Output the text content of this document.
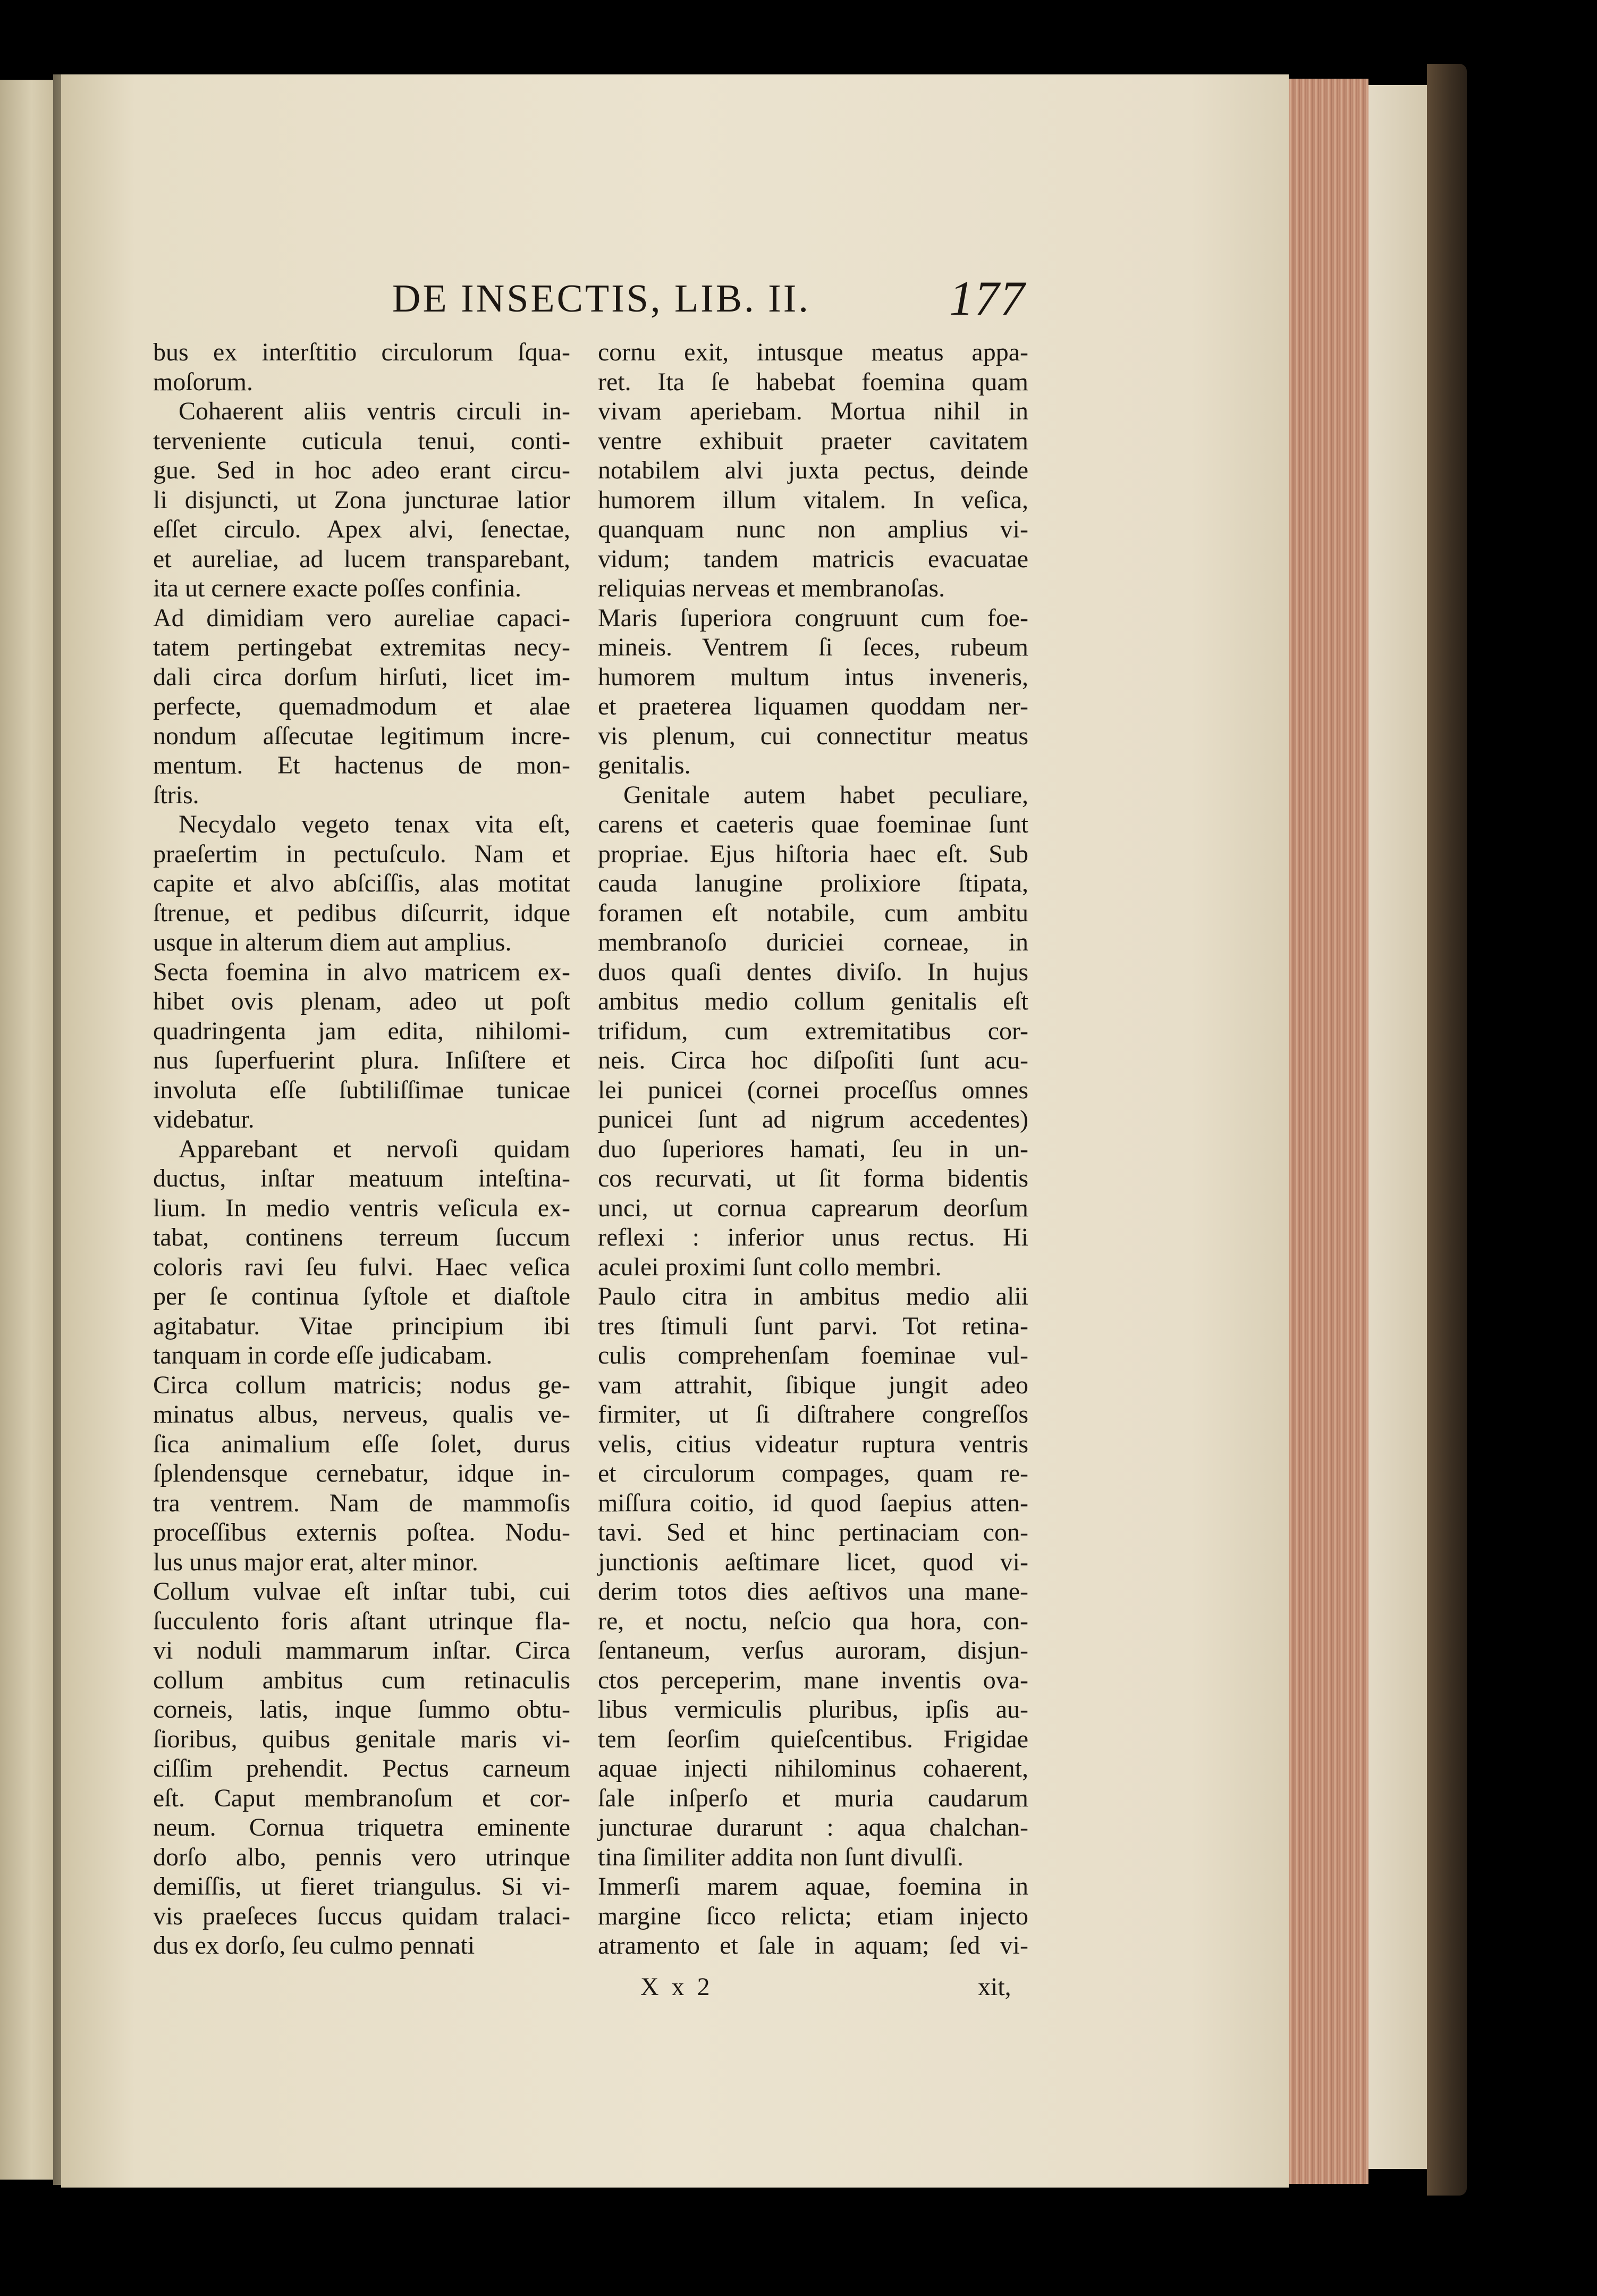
DE INSECTIS, LIB. II.	177
bus ex interſtitio circulorum ſqua-
moſorum.
Cohaerent aliis ventris circuli in-
terveniente cuticula tenui, conti-
gue. Sed in hoc adeo erant circu-
li disjuncti, ut Zona juncturae latior
eſſet circulo. Apex alvi, ſenectae,
et aureliae, ad lucem transparebant,
ita ut cernere exacte poſſes confinia.
Ad dimidiam vero aureliae capaci-
tatem pertingebat extremitas necy-
dali circa dorſum hirſuti, licet im-
perfecte, quemadmodum et alae
nondum aſſecutae legitimum incre-
mentum. Et hactenus de mon-
ſtris.
Necydalo vegeto tenax vita eſt,
praeſertim in pectuſculo. Nam et
capite et alvo abſciſſis, alas motitat
ſtrenue, et pedibus diſcurrit, idque
usque in alterum diem aut amplius.
Secta foemina in alvo matricem ex-
hibet ovis plenam, adeo ut poſt
quadringenta jam edita, nihilomi-
nus ſuperfuerint plura. Inſiſtere et
involuta eſſe ſubtiliſſimae tunicae
videbatur.
Apparebant et nervoſi quidam
ductus, inſtar meatuum inteſtina-
lium. In medio ventris veſicula ex-
tabat, continens terreum ſuccum
coloris ravi ſeu fulvi. Haec veſica
per ſe continua ſyſtole et diaſtole
agitabatur. Vitae principium ibi
tanquam in corde eſſe judicabam.
Circa collum matricis; nodus ge-
minatus albus, nerveus, qualis ve-
ſica animalium eſſe ſolet, durus
ſplendensque cernebatur, idque in-
tra ventrem. Nam de mammoſis
proceſſibus externis poſtea. Nodu-
lus unus major erat, alter minor.
Collum vulvae eſt inſtar tubi, cui
ſucculento foris aſtant utrinque fla-
vi noduli mammarum inſtar. Circa
collum ambitus cum retinaculis
corneis, latis, inque ſummo obtu-
ſioribus, quibus genitale maris vi-
ciſſim prehendit. Pectus carneum
eſt. Caput membranoſum et cor-
neum. Cornua triquetra eminente
dorſo albo, pennis vero utrinque
demiſſis, ut fieret triangulus. Si vi-
vis praeſeces ſuccus quidam tralaci-
dus ex dorſo, ſeu culmo pennati
cornu exit, intusque meatus appa-
ret. Ita ſe habebat foemina quam
vivam aperiebam. Mortua nihil in
ventre exhibuit praeter cavitatem
notabilem alvi juxta pectus, deinde
humorem illum vitalem. In veſica,
quanquam nunc non amplius vi-
vidum; tandem matricis evacuatae
reliquias nerveas et membranoſas.
Maris ſuperiora congruunt cum foe-
mineis. Ventrem ſi ſeces, rubeum
humorem multum intus inveneris,
et praeterea liquamen quoddam ner-
vis plenum, cui connectitur meatus
genitalis.
Genitale autem habet peculiare,
carens et caeteris quae foeminae ſunt
propriae. Ejus hiſtoria haec eſt. Sub
cauda lanugine prolixiore ſtipata,
foramen eſt notabile, cum ambitu
membranoſo duriciei corneae, in
duos quaſi dentes diviſo. In hujus
ambitus medio collum genitalis eſt
trifidum, cum extremitatibus cor-
neis. Circa hoc diſpoſiti ſunt acu-
lei punicei (cornei proceſſus omnes
punicei ſunt ad nigrum accedentes)
duo ſuperiores hamati, ſeu in un-
cos recurvati, ut ſit forma bidentis
unci, ut cornua caprearum deorſum
reflexi : inferior unus rectus. Hi
aculei proximi ſunt collo membri.
Paulo citra in ambitus medio alii
tres ſtimuli ſunt parvi. Tot retina-
culis comprehenſam foeminae vul-
vam attrahit, ſibique jungit adeo
firmiter, ut ſi diſtrahere congreſſos
velis, citius videatur ruptura ventris
et circulorum compages, quam re-
miſſura coitio, id quod ſaepius atten-
tavi. Sed et hinc pertinaciam con-
junctionis aeſtimare licet, quod vi-
derim totos dies aeſtivos una mane-
re, et noctu, neſcio qua hora, con-
ſentaneum, verſus auroram, disjun-
ctos perceperim, mane inventis ova-
libus vermiculis pluribus, ipſis au-
tem ſeorſim quieſcentibus. Frigidae
aquae injecti nihilominus cohaerent,
ſale inſperſo et muria caudarum
juncturae durarunt : aqua chalchan-
tina ſimiliter addita non ſunt divulſi.
Immerſi marem aquae, foemina in
margine ſicco relicta; etiam injecto
atramento et ſale in aquam; ſed vi-
X x 2	xit,
